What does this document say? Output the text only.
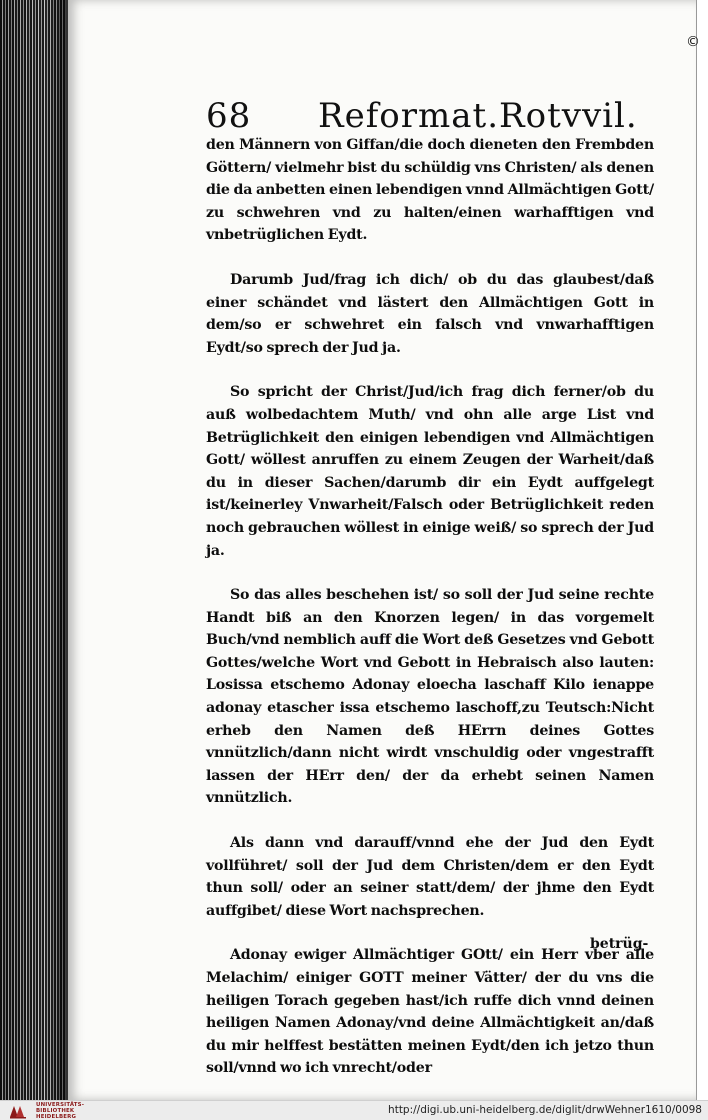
©
68 Reformat.Rotvvil.

den Männern von Giffan/die doch dieneten den Frembden Göttern/ vielmehr bist du schüldig vns Christen/ als denen die da anbetten einen lebendigen vnnd Allmächtigen Gott/ zu schwehren vnd zu halten/einen warhafftigen vnd vnbetrüglichen Eydt.

Darumb Jud/frag ich dich/ ob du das glaubest/daß einer schändet vnd lästert den Allmächtigen Gott in dem/so er schwehret ein falsch vnd vnwarhafftigen Eydt/so sprech der Jud ja.

So spricht der Christ/Jud/ich frag dich ferner/ob du auß wolbedachtem Muth/ vnd ohn alle arge List vnd Betrüglichkeit den einigen lebendigen vnd Allmächtigen Gott/ wöllest anruffen zu einem Zeugen der Warheit/daß du in dieser Sachen/darumb dir ein Eydt auffgelegt ist/keinerley Vnwarheit/Falsch oder Betrüglichkeit reden noch gebrauchen wöllest in einige weiß/ so sprech der Jud ja.

So das alles beschehen ist/ so soll der Jud seine rechte Handt biß an den Knorzen legen/ in das vorgemelt Buch/vnd nemblich auff die Wort deß Gesetzes vnd Gebott Gottes/welche Wort vnd Gebott in Hebraisch also lauten: Losissa etschemo Adonay eloecha laschaff Kilo ienappe adonay etascher issa etschemo laschoff,zu Teutsch:Nicht erheb den Namen deß HErrn deines Gottes vnnützlich/dann nicht wirdt vnschuldig oder vngestrafft lassen der HErr den/ der da erhebt seinen Namen vnnützlich.

Als dann vnd darauff/vnnd ehe der Jud den Eydt vollführet/ soll der Jud dem Christen/dem er den Eydt thun soll/ oder an seiner statt/dem/ der jhme den Eydt auffgibet/ diese Wort nachsprechen.

Adonay ewiger Allmächtiger GOtt/ ein Herr vber alle Melachim/ einiger GOTT meiner Vätter/ der du vns die heiligen Torach gegeben hast/ich ruffe dich vnnd deinen heiligen Namen Adonay/vnd deine Allmächtigkeit an/daß du mir helffest bestätten meinen Eydt/den ich jetzo thun soll/vnnd wo ich vnrecht/oder

betrüg-
UNIVERSITÄTS-
BIBLIOTHEK
HEIDELBERG
http://digi.ub.uni-heidelberg.de/diglit/drwWehner1610/0098
